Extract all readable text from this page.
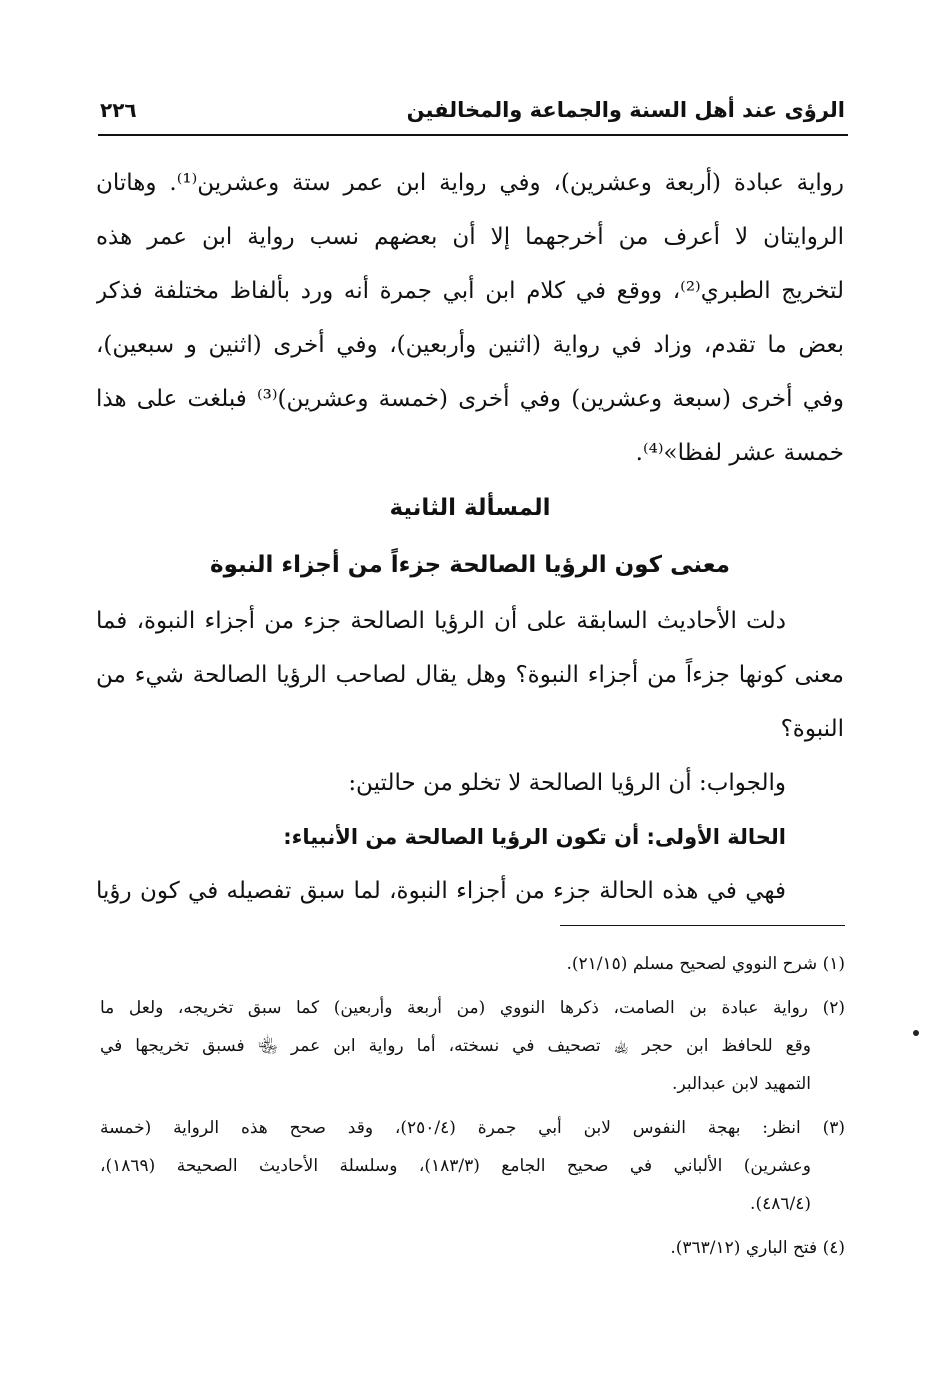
الرؤى عند أهل السنة والجماعة والمخالفين
٢٢٦
رواية عبادة (أربعة وعشرين)، وفي رواية ابن عمر ستة وعشرين⁽¹⁾. وهاتان
الروايتان لا أعرف من أخرجهما إلا أن بعضهم نسب رواية ابن عمر هذه
لتخريج الطبري⁽²⁾، ووقع في كلام ابن أبي جمرة أنه ورد بألفاظ مختلفة فذكر
بعض ما تقدم، وزاد في رواية (اثنين وأربعين)، وفي أخرى (اثنين و سبعين)،
وفي أخرى (سبعة وعشرين) وفي أخرى (خمسة وعشرين)⁽³⁾ فبلغت على هذا
خمسة عشر لفظا»⁽⁴⁾.
المسألة الثانية
معنى كون الرؤيا الصالحة جزءاً من أجزاء النبوة
دلت الأحاديث السابقة على أن الرؤيا الصالحة جزء من أجزاء النبوة، فما
معنى كونها جزءاً من أجزاء النبوة؟ وهل يقال لصاحب الرؤيا الصالحة شيء من
النبوة؟
والجواب: أن الرؤيا الصالحة لا تخلو من حالتين:
الحالة الأولى: أن تكون الرؤيا الصالحة من الأنبياء:
فهي في هذه الحالة جزء من أجزاء النبوة، لما سبق تفصيله في كون رؤيا
(١) شرح النووي لصحيح مسلم (٢١/١٥).
(٢) رواية عبادة بن الصامت، ذكرها النووي (من أربعة وأربعين) كما سبق تخريجه، ولعل ما
وقع للحافظ ابن حجر ﵀ تصحيف في نسخته، أما رواية ابن عمر ﵄ فسبق تخريجها في
التمهيد لابن عبدالبر.
(٣) انظر: بهجة النفوس لابن أبي جمرة (٢٥٠/٤)، وقد صحح هذه الرواية (خمسة
وعشرين) الألباني في صحيح الجامع (١٨٣/٣)، وسلسلة الأحاديث الصحيحة (١٨٦٩)،
(٤٨٦/٤).
(٤) فتح الباري (٣٦٣/١٢).
